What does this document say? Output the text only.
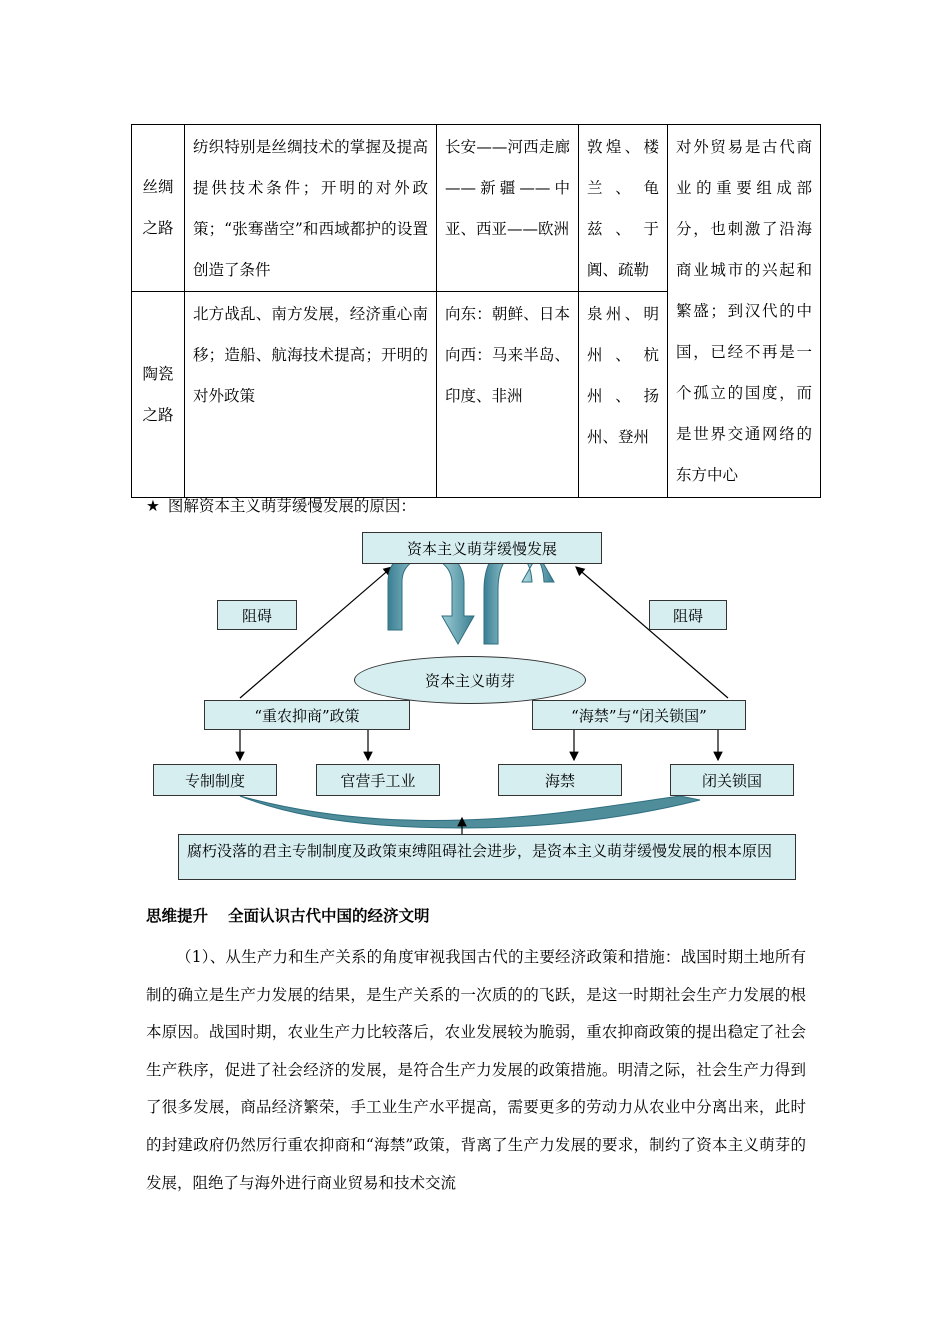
丝绸之路	纺织特别是丝绸技术的掌握及提高提供技术条件；开明的对外政策；“张骞凿空”和西域都护的设置创造了条件	长安——河西走廊——新疆——中亚、西亚——欧洲	敦煌、楼兰、龟兹、于阗、疏勒	对外贸易是古代商业的重要组成部分，也刺激了沿海商业城市的兴起和繁盛；到汉代的中国，已经不再是一个孤立的国度，而是世界交通网络的东方中心
陶瓷之路	北方战乱、南方发展，经济重心南移；造船、航海技术提高；开明的对外政策	向东：朝鲜、日本向西：马来半岛、印度、非洲	泉州、明州、杭州、扬州、登州	
★ 图解资本主义萌芽缓慢发展的原因：
资本主义萌芽缓慢发展
阻碍	阻碍
资本主义萌芽
“重农抑商”政策	“海禁”与“闭关锁国”
专制制度	官营手工业	海禁	闭关锁国
腐朽没落的君主专制制度及政策束缚阻碍社会进步，是资本主义萌芽缓慢发展的根本原因
思维提升 全面认识古代中国的经济文明

（1）、从生产力和生产关系的角度审视我国古代的主要经济政策和措施：战国时期土地所有制的确立是生产力发展的结果，是生产关系的一次质的的飞跃，是这一时期社会生产力发展的根本原因。战国时期，农业生产力比较落后，农业发展较为脆弱，重农抑商政策的提出稳定了社会生产秩序，促进了社会经济的发展，是符合生产力发展的政策措施。明清之际，社会生产力得到了很多发展，商品经济繁荣，手工业生产水平提高，需要更多的劳动力从农业中分离出来，此时的封建政府仍然厉行重农抑商和“海禁”政策，背离了生产力发展的要求，制约了资本主义萌芽的发展，阻绝了与海外进行商业贸易和技术交流
